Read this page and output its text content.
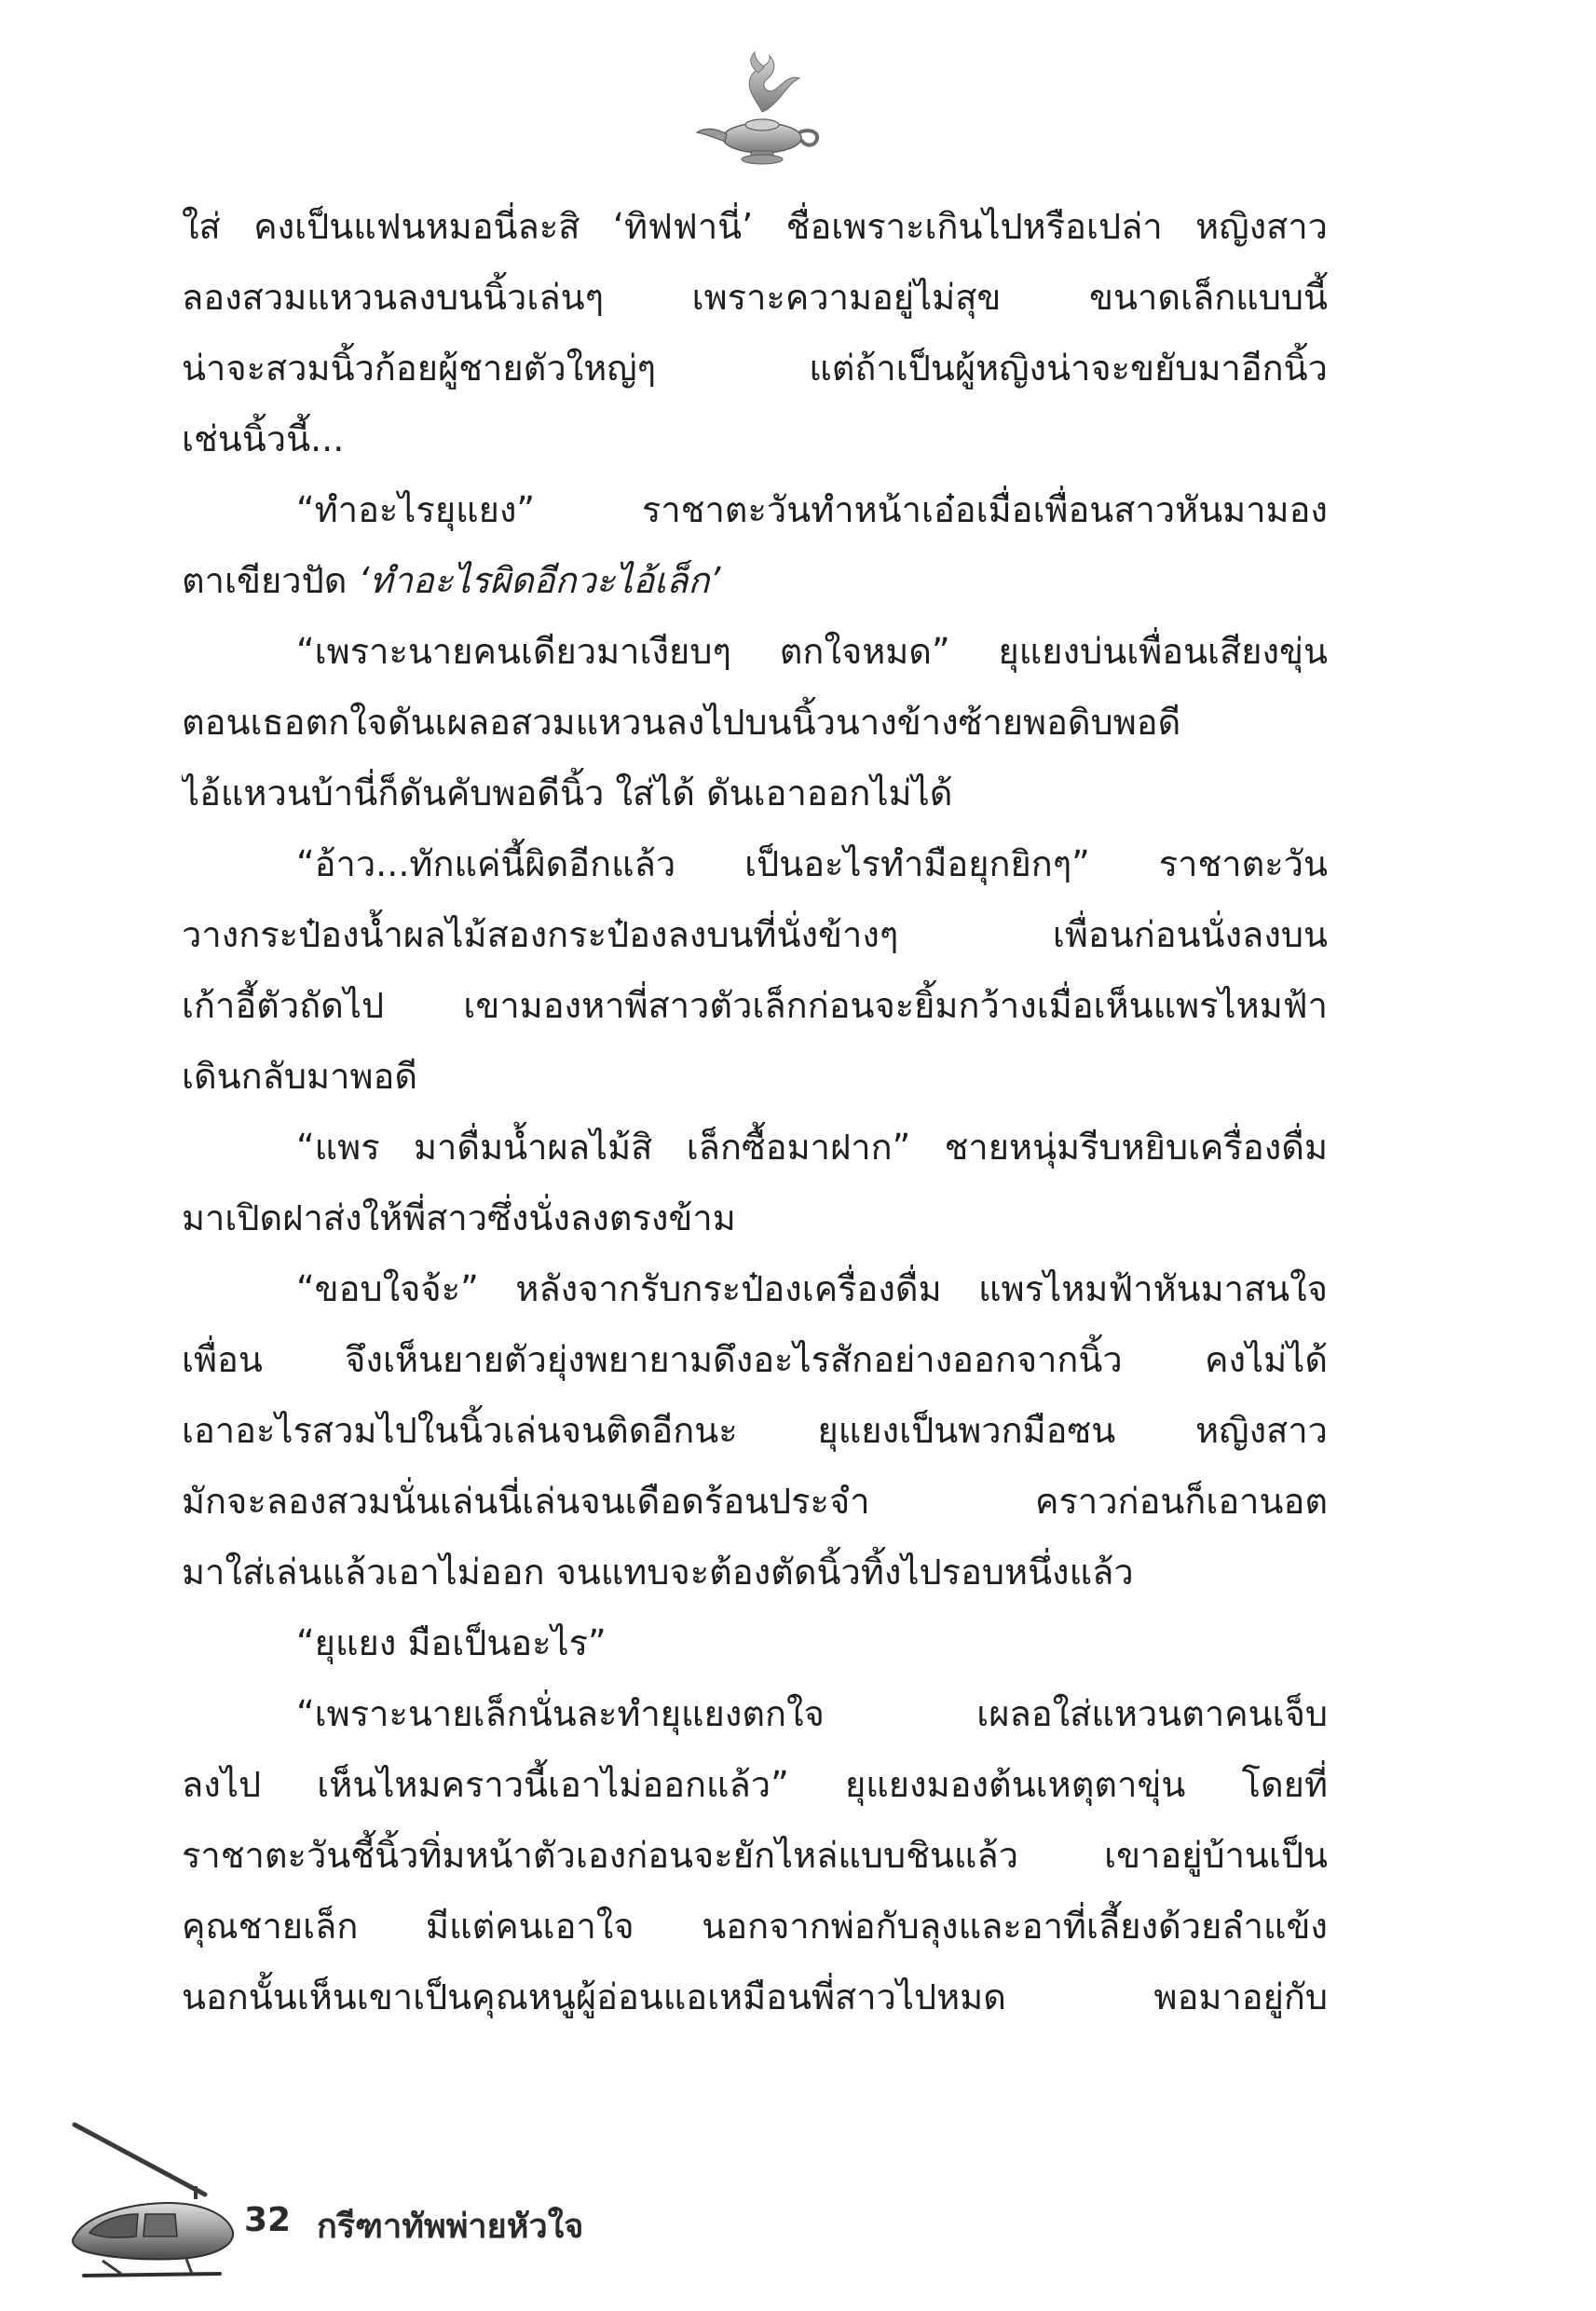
ใส่ คงเป็นแฟนหมอนี่ละสิ ‘ทิฟฟานี่’ ชื่อเพราะเกินไปหรือเปล่า หญิงสาว
ลองสวมแหวนลงบนนิ้วเล่นๆ เพราะความอยู่ไม่สุข ขนาดเล็กแบบนี้
น่าจะสวมนิ้วก้อยผู้ชายตัวใหญ่ๆ แต่ถ้าเป็นผู้หญิงน่าจะขยับมาอีกนิ้ว
เช่นนิ้วนี้...
“ทำอะไรยุแยง” ราชาตะวันทำหน้าเอ๋อเมื่อเพื่อนสาวหันมามอง
ตาเขียวปัด ‘ทำอะไรผิดอีกวะไอ้เล็ก’
“เพราะนายคนเดียวมาเงียบๆ ตกใจหมด” ยุแยงบ่นเพื่อนเสียงขุ่น
ตอนเธอตกใจดันเผลอสวมแหวนลงไปบนนิ้วนางข้างซ้ายพอดิบพอดี
ไอ้แหวนบ้านี่ก็ดันคับพอดีนิ้ว ใส่ได้ ดันเอาออกไม่ได้
“อ้าว...ทักแค่นี้ผิดอีกแล้ว เป็นอะไรทำมือยุกยิกๆ” ราชาตะวัน
วางกระป๋องน้ำผลไม้สองกระป๋องลงบนที่นั่งข้างๆ เพื่อนก่อนนั่งลงบน
เก้าอี้ตัวถัดไป เขามองหาพี่สาวตัวเล็กก่อนจะยิ้มกว้างเมื่อเห็นแพรไหมฟ้า
เดินกลับมาพอดี
“แพร มาดื่มน้ำผลไม้สิ เล็กซื้อมาฝาก” ชายหนุ่มรีบหยิบเครื่องดื่ม
มาเปิดฝาส่งให้พี่สาวซึ่งนั่งลงตรงข้าม
“ขอบใจจ้ะ” หลังจากรับกระป๋องเครื่องดื่ม แพรไหมฟ้าหันมาสนใจ
เพื่อน จึงเห็นยายตัวยุ่งพยายามดึงอะไรสักอย่างออกจากนิ้ว คงไม่ได้
เอาอะไรสวมไปในนิ้วเล่นจนติดอีกนะ ยุแยงเป็นพวกมือซน หญิงสาว
มักจะลองสวมนั่นเล่นนี่เล่นจนเดือดร้อนประจำ คราวก่อนก็เอานอต
มาใส่เล่นแล้วเอาไม่ออก จนแทบจะต้องตัดนิ้วทิ้งไปรอบหนึ่งแล้ว
“ยุแยง มือเป็นอะไร”
“เพราะนายเล็กนั่นละทำยุแยงตกใจ เผลอใส่แหวนตาคนเจ็บ
ลงไป เห็นไหมคราวนี้เอาไม่ออกแล้ว” ยุแยงมองต้นเหตุตาขุ่น โดยที่
ราชาตะวันชี้นิ้วทิ่มหน้าตัวเองก่อนจะยักไหล่แบบชินแล้ว เขาอยู่บ้านเป็น
คุณชายเล็ก มีแต่คนเอาใจ นอกจากพ่อกับลุงและอาที่เลี้ยงด้วยลำแข้ง
นอกนั้นเห็นเขาเป็นคุณหนูผู้อ่อนแอเหมือนพี่สาวไปหมด พอมาอยู่กับ
32 กรีฑาทัพพ่ายหัวใจ
